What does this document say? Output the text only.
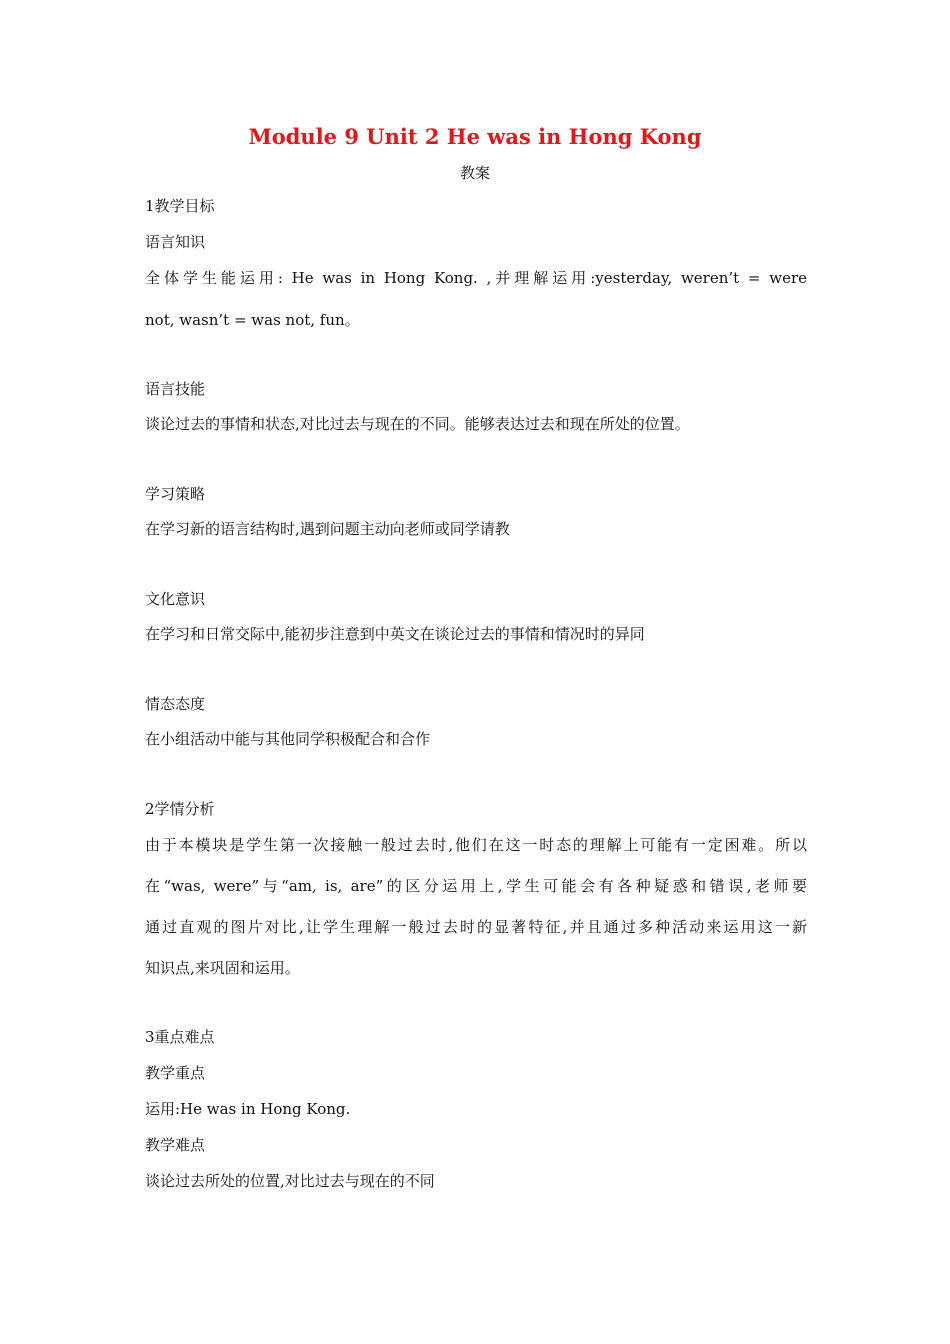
Module 9 Unit 2 He was in Hong Kong
教案

1教学目标

语言知识

全体学生能运用: He was in Hong Kong. ,并理解运用:yesterday, weren’t = were

not, wasn’t = was not, fun。

语言技能

谈论过去的事情和状态,对比过去与现在的不同。能够表达过去和现在所处的位置。

学习策略

在学习新的语言结构时,遇到问题主动向老师或同学请教

文化意识

在学习和日常交际中,能初步注意到中英文在谈论过去的事情和情况时的异同

情态态度

在小组活动中能与其他同学积极配合和合作

2学情分析

由于本模块是学生第一次接触一般过去时,他们在这一时态的理解上可能有一定困难。所以

在“was, were”与“am, is, are”的区分运用上,学生可能会有各种疑惑和错误,老师要

通过直观的图片对比,让学生理解一般过去时的显著特征,并且通过多种活动来运用这一新

知识点,来巩固和运用。

3重点难点

教学重点

运用:He was in Hong Kong.

教学难点

谈论过去所处的位置,对比过去与现在的不同
